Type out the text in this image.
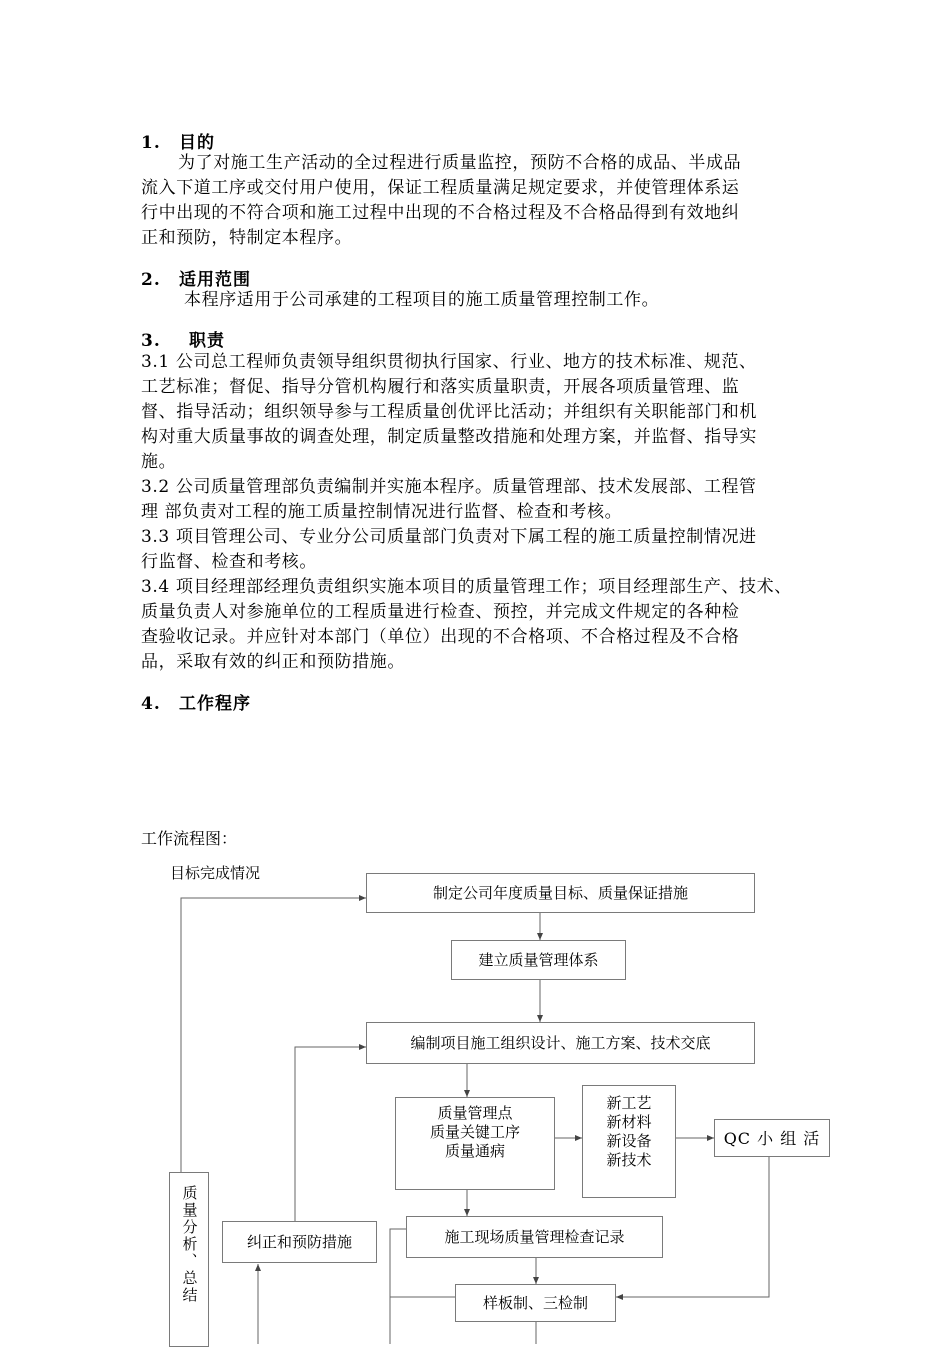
1. 目的
为了对施工生产活动的全过程进行质量监控，预防不合格的成品、半成品
流入下道工序或交付用户使用，保证工程质量满足规定要求，并使管理体系运
行中出现的不符合项和施工过程中出现的不合格过程及不合格品得到有效地纠
正和预防，特制定本程序。
2. 适用范围
本程序适用于公司承建的工程项目的施工质量管理控制工作。
3. 职责
3.1 公司总工程师负责领导组织贯彻执行国家、行业、地方的技术标准、规范、
工艺标准；督促、指导分管机构履行和落实质量职责，开展各项质量管理、监
督、指导活动；组织领导参与工程质量创优评比活动；并组织有关职能部门和机
构对重大质量事故的调查处理，制定质量整改措施和处理方案，并监督、指导实
施。
3.2 公司质量管理部负责编制并实施本程序。质量管理部、技术发展部、工程管
理 部负责对工程的施工质量控制情况进行监督、检查和考核。
3.3 项目管理公司、专业分公司质量部门负责对下属工程的施工质量控制情况进
行监督、检查和考核。
3.4 项目经理部经理负责组织实施本项目的质量管理工作；项目经理部生产、技术、
质量负责人对参施单位的工程质量进行检查、预控，并完成文件规定的各种检
查验收记录。并应针对本部门（单位）出现的不合格项、不合格过程及不合格
品，采取有效的纠正和预防措施。
4. 工作程序
工作流程图：
目标完成情况
制定公司年度质量目标、质量保证措施
建立质量管理体系
编制项目施工组织设计、施工方案、技术交底
质量管理点
质量关键工序
质量通病
新工艺
新材料
新设备
新技术
QC 小 组 活
质量分析、总结	纠正和预防措施	施工现场质量管理检查记录
样板制、三检制
